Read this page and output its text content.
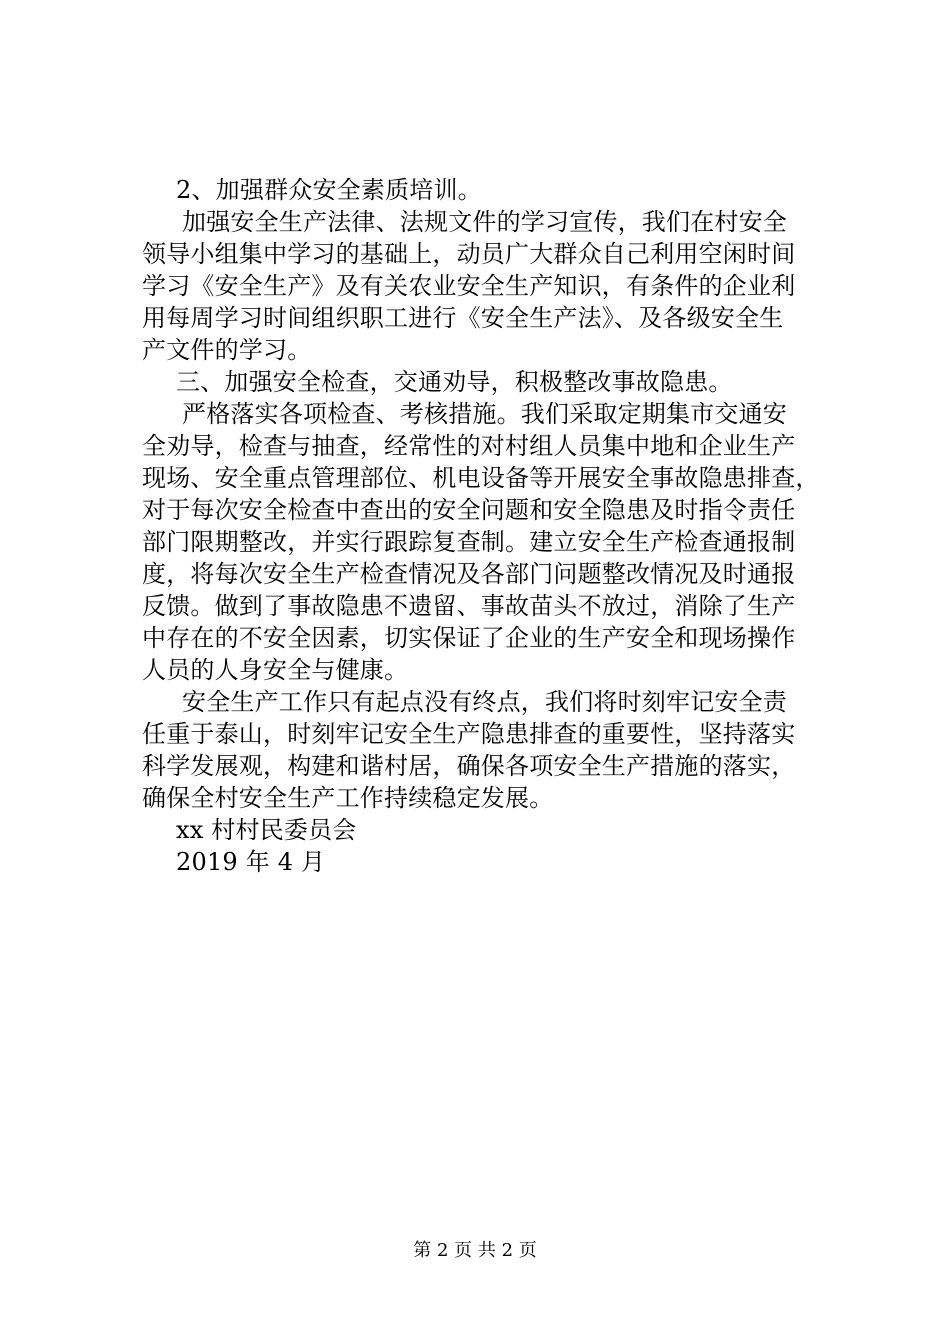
2、加强群众安全素质培训。
加强安全生产法律、法规文件的学习宣传，我们在村安全
领导小组集中学习的基础上，动员广大群众自己利用空闲时间
学习《安全生产》及有关农业安全生产知识，有条件的企业利
用每周学习时间组织职工进行《安全生产法》、及各级安全生
产文件的学习。
三、加强安全检查，交通劝导，积极整改事故隐患。
严格落实各项检查、考核措施。我们采取定期集市交通安
全劝导，检查与抽查，经常性的对村组人员集中地和企业生产
现场、安全重点管理部位、机电设备等开展安全事故隐患排查，
对于每次安全检查中查出的安全问题和安全隐患及时指令责任
部门限期整改，并实行跟踪复查制。建立安全生产检查通报制
度，将每次安全生产检查情况及各部门问题整改情况及时通报
反馈。做到了事故隐患不遗留、事故苗头不放过，消除了生产
中存在的不安全因素，切实保证了企业的生产安全和现场操作
人员的人身安全与健康。
安全生产工作只有起点没有终点，我们将时刻牢记安全责
任重于泰山，时刻牢记安全生产隐患排查的重要性，坚持落实
科学发展观，构建和谐村居，确保各项安全生产措施的落实，
确保全村安全生产工作持续稳定发展。
xx 村村民委员会
2019 年 4 月
第 2 页 共 2 页
